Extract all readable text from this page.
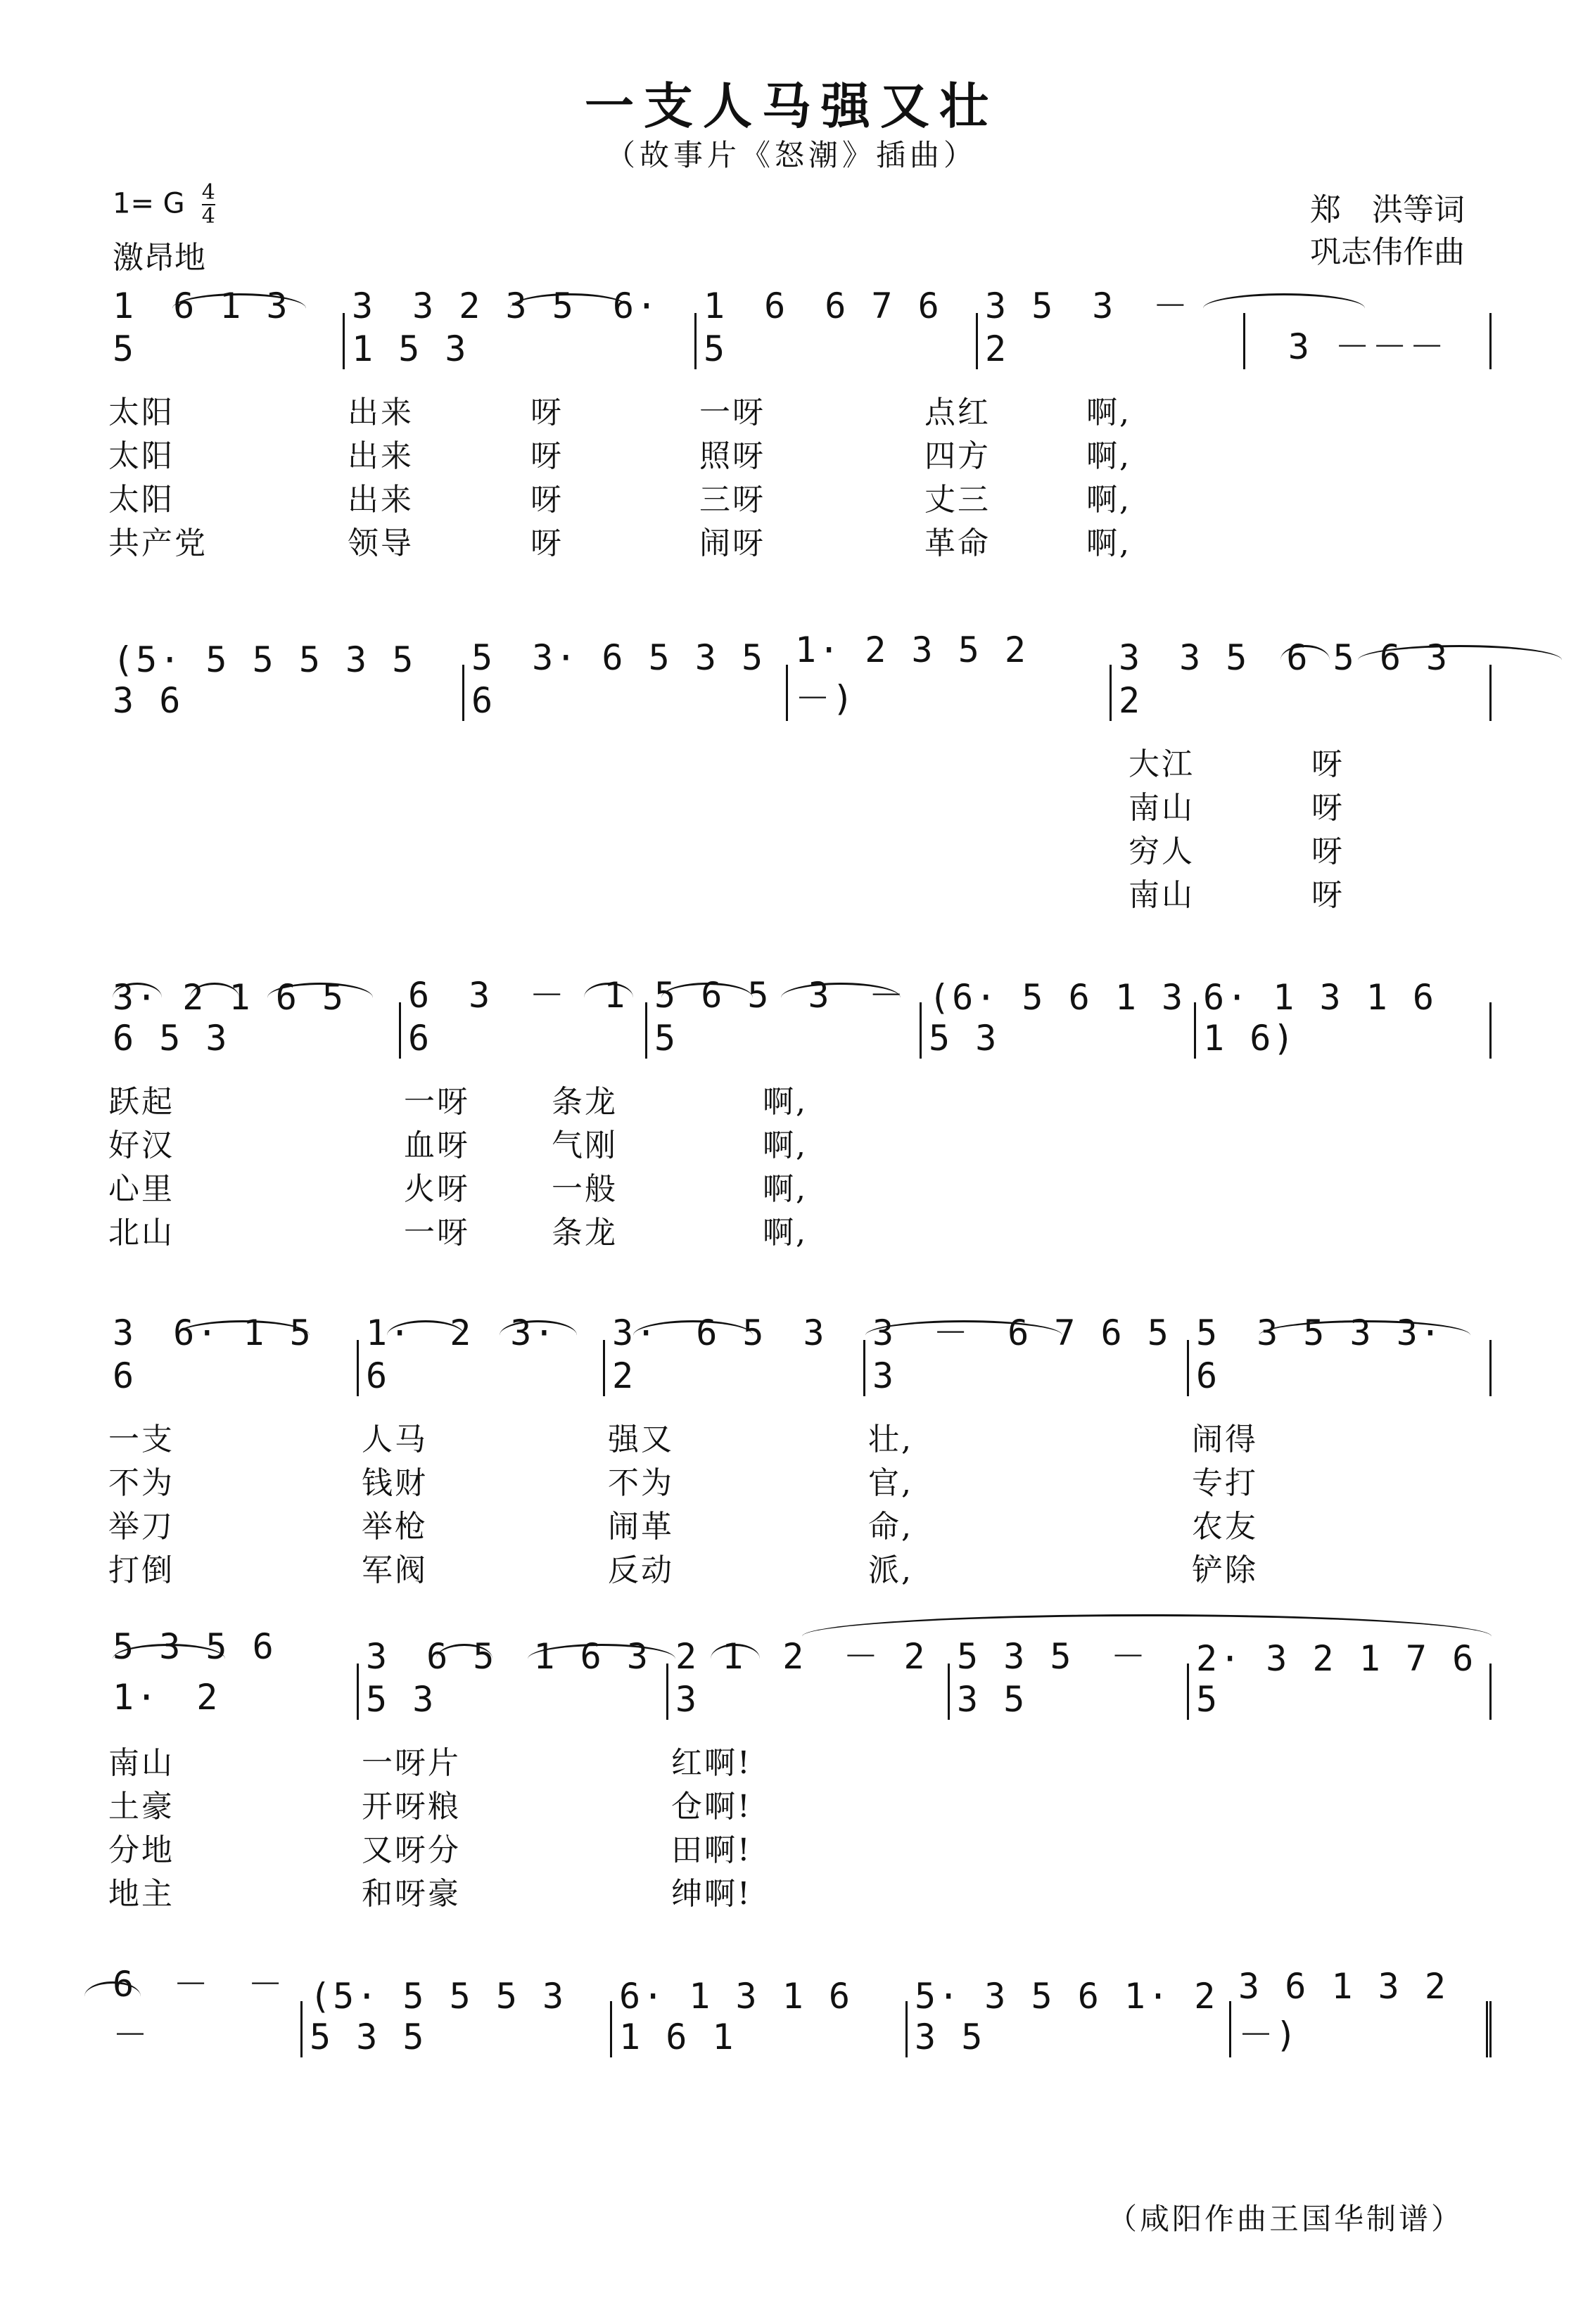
一支人马强又壮
（故事片《怒潮》插曲）
1= G $\frac{4}{4}$
激昂地
郑　洪等词
巩志伟作曲
1　6 1 3 5
3　3 2 3 5　6· 1 5 3
1　6　6 7 6 5
3 5　3　－　2	3 －－－
太阳	出来	呀	一呀	点红	啊,
太阳	出来	呀	照呀	四方	啊,
太阳	出来	呀	三呀	丈三	啊,
共产党	领导	呀	闹呀	革命	啊,
(5· 5 5 5 3 5 3 6
5　3· 6 5 3 5 6
1· 2 3 5 2 －)
3　3 5　6 5 6 3 2
大江	呀
南山	呀
穷人	呀
南山	呀
3· 2 1 6 5 6 5 3
6　3　－　1 6
5 6 5　3　－ 5
(6· 5 6 1 3 5 3
6· 1 3 1 6 1 6)
跃起	一呀	条龙	啊,
好汉	血呀	气刚	啊,
心里	火呀	一般	啊,
北山	一呀	条龙	啊,
3　6· 1 5　6
1·　2　3·　6
3·　6 5　3 2
3　－　6 7 6 5 3
5　3 5 3 3·　6
一支	人马	强又	壮,	闹得
不为	钱财	不为	官,	专打
举刀	举枪	闹革	命,	农友
打倒	军阀	反动	派,	铲除
5 3 5 6　1·　2
3　6 5　1 6 3 5 3
2 1　2　－ 2 3
5 3 5　－　3 5
2· 3 2 1 7 6 5
南山	一呀片	红啊!
土豪	开呀粮	仓啊!
分地	又呀分	田啊!
地主	和呀豪	绅啊!
6　－　－　－
(5· 5 5 5 3 5 3 5
6· 1 3 1 6 1 6 1
5· 3 5 6 1· 2 3 5
3 6 1 3 2 －)
（咸阳作曲王国华制谱）
